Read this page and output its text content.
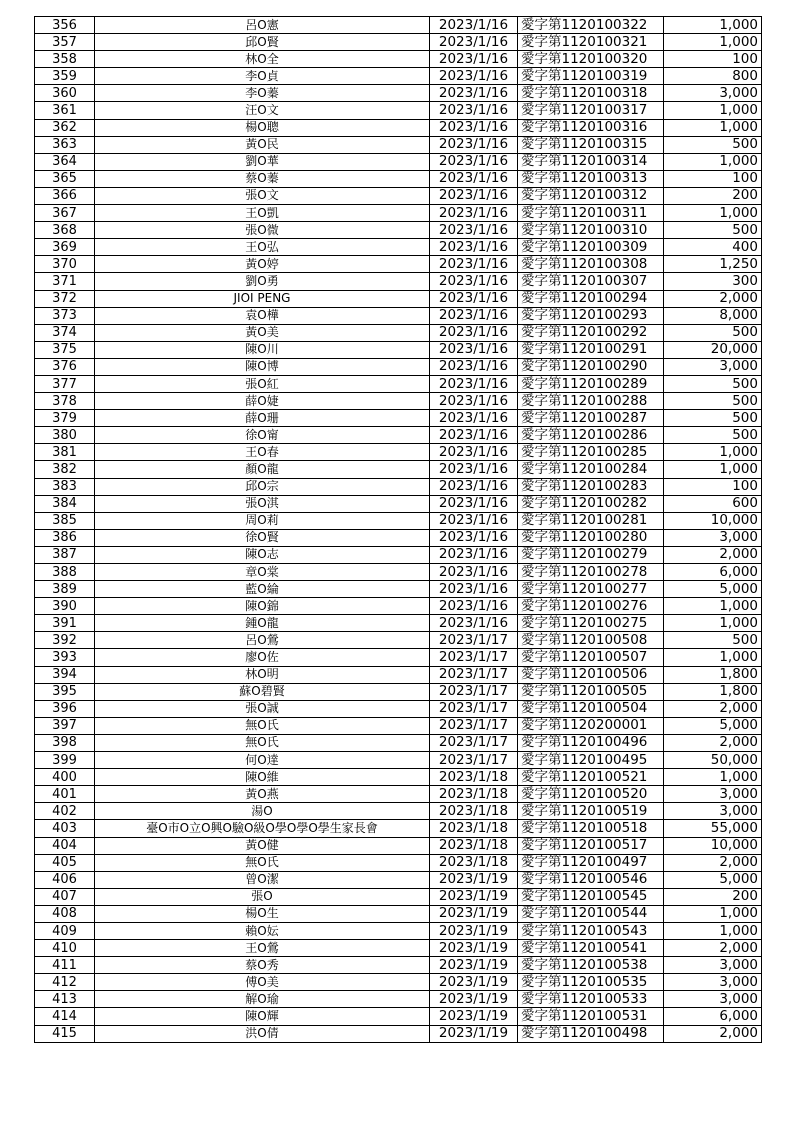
356	呂O憲	2023/1/16	愛字第1120100322	1,000
357	邱O賢	2023/1/16	愛字第1120100321	1,000
358	林O全	2023/1/16	愛字第1120100320	100
359	李O貞	2023/1/16	愛字第1120100319	800
360	李O蓁	2023/1/16	愛字第1120100318	3,000
361	汪O文	2023/1/16	愛字第1120100317	1,000
362	楊O聰	2023/1/16	愛字第1120100316	1,000
363	黃O民	2023/1/16	愛字第1120100315	500
364	劉O華	2023/1/16	愛字第1120100314	1,000
365	蔡O蓁	2023/1/16	愛字第1120100313	100
366	張O文	2023/1/16	愛字第1120100312	200
367	王O凱	2023/1/16	愛字第1120100311	1,000
368	張O微	2023/1/16	愛字第1120100310	500
369	王O弘	2023/1/16	愛字第1120100309	400
370	黃O婷	2023/1/16	愛字第1120100308	1,250
371	劉O勇	2023/1/16	愛字第1120100307	300
372	JIOI PENG	2023/1/16	愛字第1120100294	2,000
373	袁O樺	2023/1/16	愛字第1120100293	8,000
374	黃O美	2023/1/16	愛字第1120100292	500
375	陳O川	2023/1/16	愛字第1120100291	20,000
376	陳O博	2023/1/16	愛字第1120100290	3,000
377	張O紅	2023/1/16	愛字第1120100289	500
378	薛O婕	2023/1/16	愛字第1120100288	500
379	薛O珊	2023/1/16	愛字第1120100287	500
380	徐O甯	2023/1/16	愛字第1120100286	500
381	王O春	2023/1/16	愛字第1120100285	1,000
382	顏O龍	2023/1/16	愛字第1120100284	1,000
383	邱O宗	2023/1/16	愛字第1120100283	100
384	張O淇	2023/1/16	愛字第1120100282	600
385	周O莉	2023/1/16	愛字第1120100281	10,000
386	徐O賢	2023/1/16	愛字第1120100280	3,000
387	陳O志	2023/1/16	愛字第1120100279	2,000
388	章O棠	2023/1/16	愛字第1120100278	6,000
389	藍O綸	2023/1/16	愛字第1120100277	5,000
390	陳O錦	2023/1/16	愛字第1120100276	1,000
391	鍾O龍	2023/1/16	愛字第1120100275	1,000
392	呂O鶯	2023/1/17	愛字第1120100508	500
393	廖O佐	2023/1/17	愛字第1120100507	1,000
394	林O明	2023/1/17	愛字第1120100506	1,800
395	蘇O碧賢	2023/1/17	愛字第1120100505	1,800
396	張O誠	2023/1/17	愛字第1120100504	2,000
397	無O氏	2023/1/17	愛字第1120200001	5,000
398	無O氏	2023/1/17	愛字第1120100496	2,000
399	何O達	2023/1/17	愛字第1120100495	50,000
400	陳O維	2023/1/18	愛字第1120100521	1,000
401	黃O燕	2023/1/18	愛字第1120100520	3,000
402	湯O	2023/1/18	愛字第1120100519	3,000
403	臺O市O立O興O驗O級O學O學O學生家長會	2023/1/18	愛字第1120100518	55,000
404	黃O健	2023/1/18	愛字第1120100517	10,000
405	無O氏	2023/1/18	愛字第1120100497	2,000
406	曾O潔	2023/1/19	愛字第1120100546	5,000
407	張O	2023/1/19	愛字第1120100545	200
408	楊O生	2023/1/19	愛字第1120100544	1,000
409	賴O妘	2023/1/19	愛字第1120100543	1,000
410	王O鶯	2023/1/19	愛字第1120100541	2,000
411	蔡O秀	2023/1/19	愛字第1120100538	3,000
412	傅O美	2023/1/19	愛字第1120100535	3,000
413	解O瑜	2023/1/19	愛字第1120100533	3,000
414	陳O輝	2023/1/19	愛字第1120100531	6,000
415	洪O倩	2023/1/19	愛字第1120100498	2,000
